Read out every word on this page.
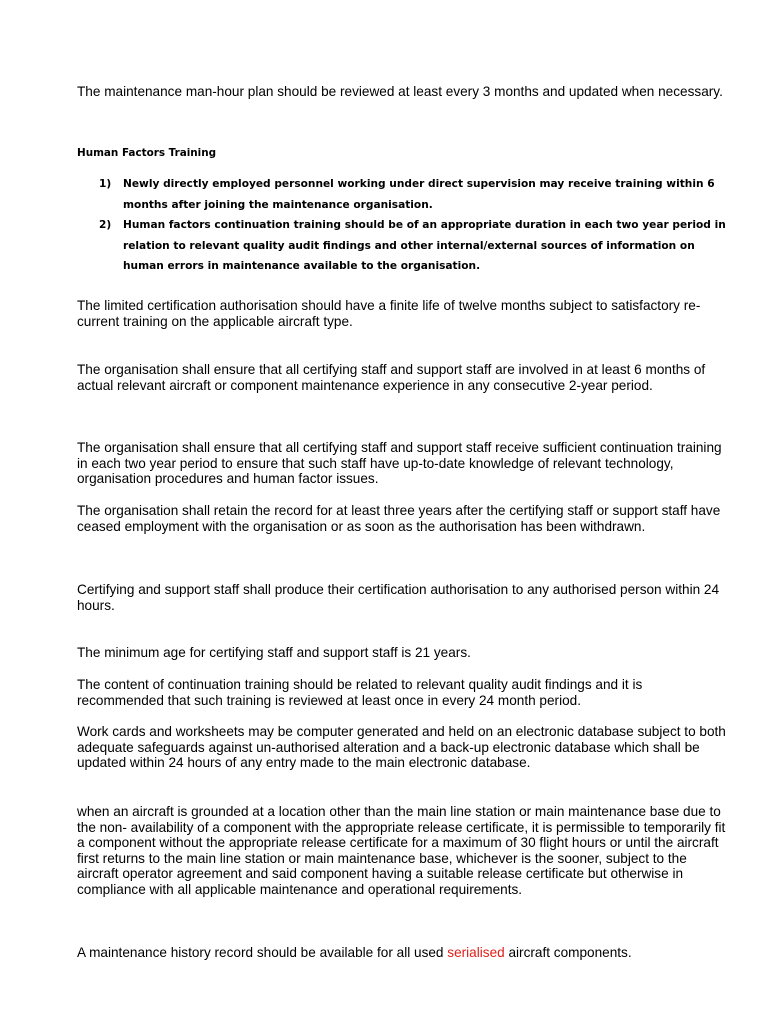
The maintenance man-hour plan should be reviewed at least every 3 months and updated when necessary.

Human Factors Training

1) Newly directly employed personnel working under direct supervision may receive training within 6 months after joining the maintenance organisation.
2) Human factors continuation training should be of an appropriate duration in each two year period in relation to relevant quality audit findings and other internal/external sources of information on human errors in maintenance available to the organisation.

The limited certification authorisation should have a finite life of twelve months subject to satisfactory re-current training on the applicable aircraft type.

The organisation shall ensure that all certifying staff and support staff are involved in at least 6 months of actual relevant aircraft or component maintenance experience in any consecutive 2-year period.

The organisation shall ensure that all certifying staff and support staff receive sufficient continuation training in each two year period to ensure that such staff have up-to-date knowledge of relevant technology, organisation procedures and human factor issues.

The organisation shall retain the record for at least three years after the certifying staff or support staff have ceased employment with the organisation or as soon as the authorisation has been withdrawn.

Certifying and support staff shall produce their certification authorisation to any authorised person within 24 hours.

The minimum age for certifying staff and support staff is 21 years.

The content of continuation training should be related to relevant quality audit findings and it is recommended that such training is reviewed at least once in every 24 month period.

Work cards and worksheets may be computer generated and held on an electronic database subject to both adequate safeguards against un-authorised alteration and a back-up electronic database which shall be updated within 24 hours of any entry made to the main electronic database.

when an aircraft is grounded at a location other than the main line station or main maintenance base due to the non- availability of a component with the appropriate release certificate, it is permissible to temporarily fit a component without the appropriate release certificate for a maximum of 30 flight hours or until the aircraft first returns to the main line station or main maintenance base, whichever is the sooner, subject to the aircraft operator agreement and said component having a suitable release certificate but otherwise in compliance with all applicable maintenance and operational requirements.

A maintenance history record should be available for all used serialised aircraft components.
